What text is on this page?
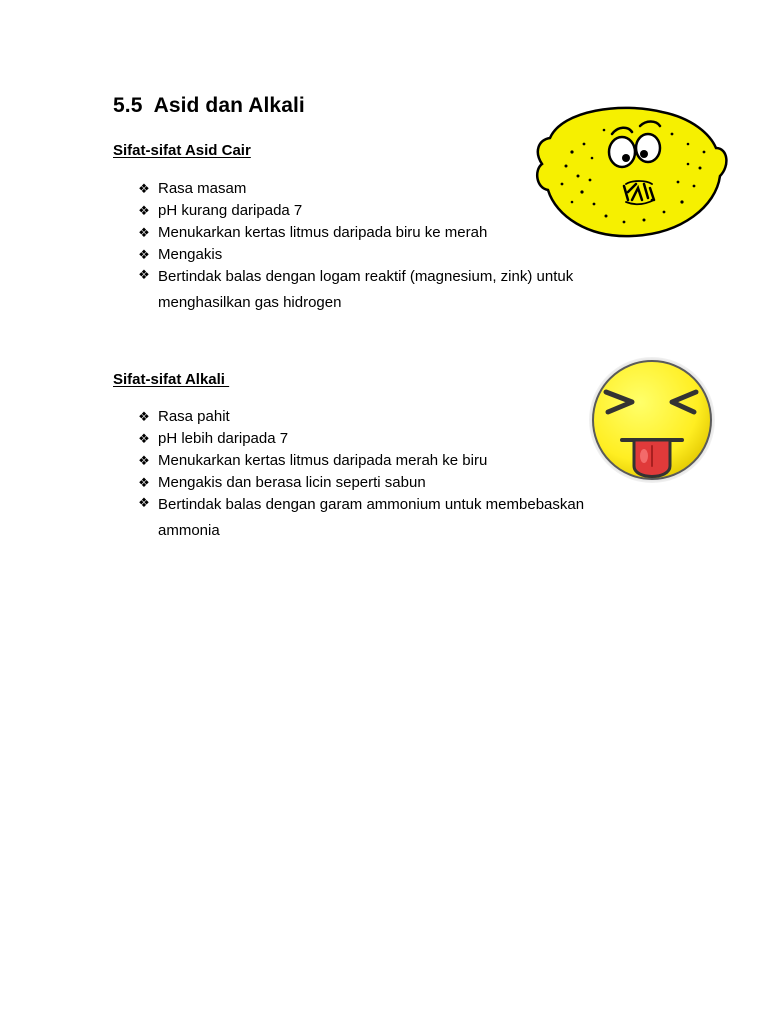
5.5  Asid dan Alkali
Sifat-sifat Asid Cair
❖ Rasa masam
❖ pH kurang daripada 7
❖ Menukarkan kertas litmus daripada biru ke merah
❖ Mengakis
❖ Bertindak balas dengan logam reaktif (magnesium, zink) untuk menghasilkan gas hidrogen
Sifat-sifat Alkali
❖ Rasa pahit
❖ pH lebih daripada 7
❖ Menukarkan kertas litmus daripada merah ke biru
❖ Mengakis dan berasa licin seperti sabun
❖ Bertindak balas dengan garam ammonium untuk membebaskan ammonia
